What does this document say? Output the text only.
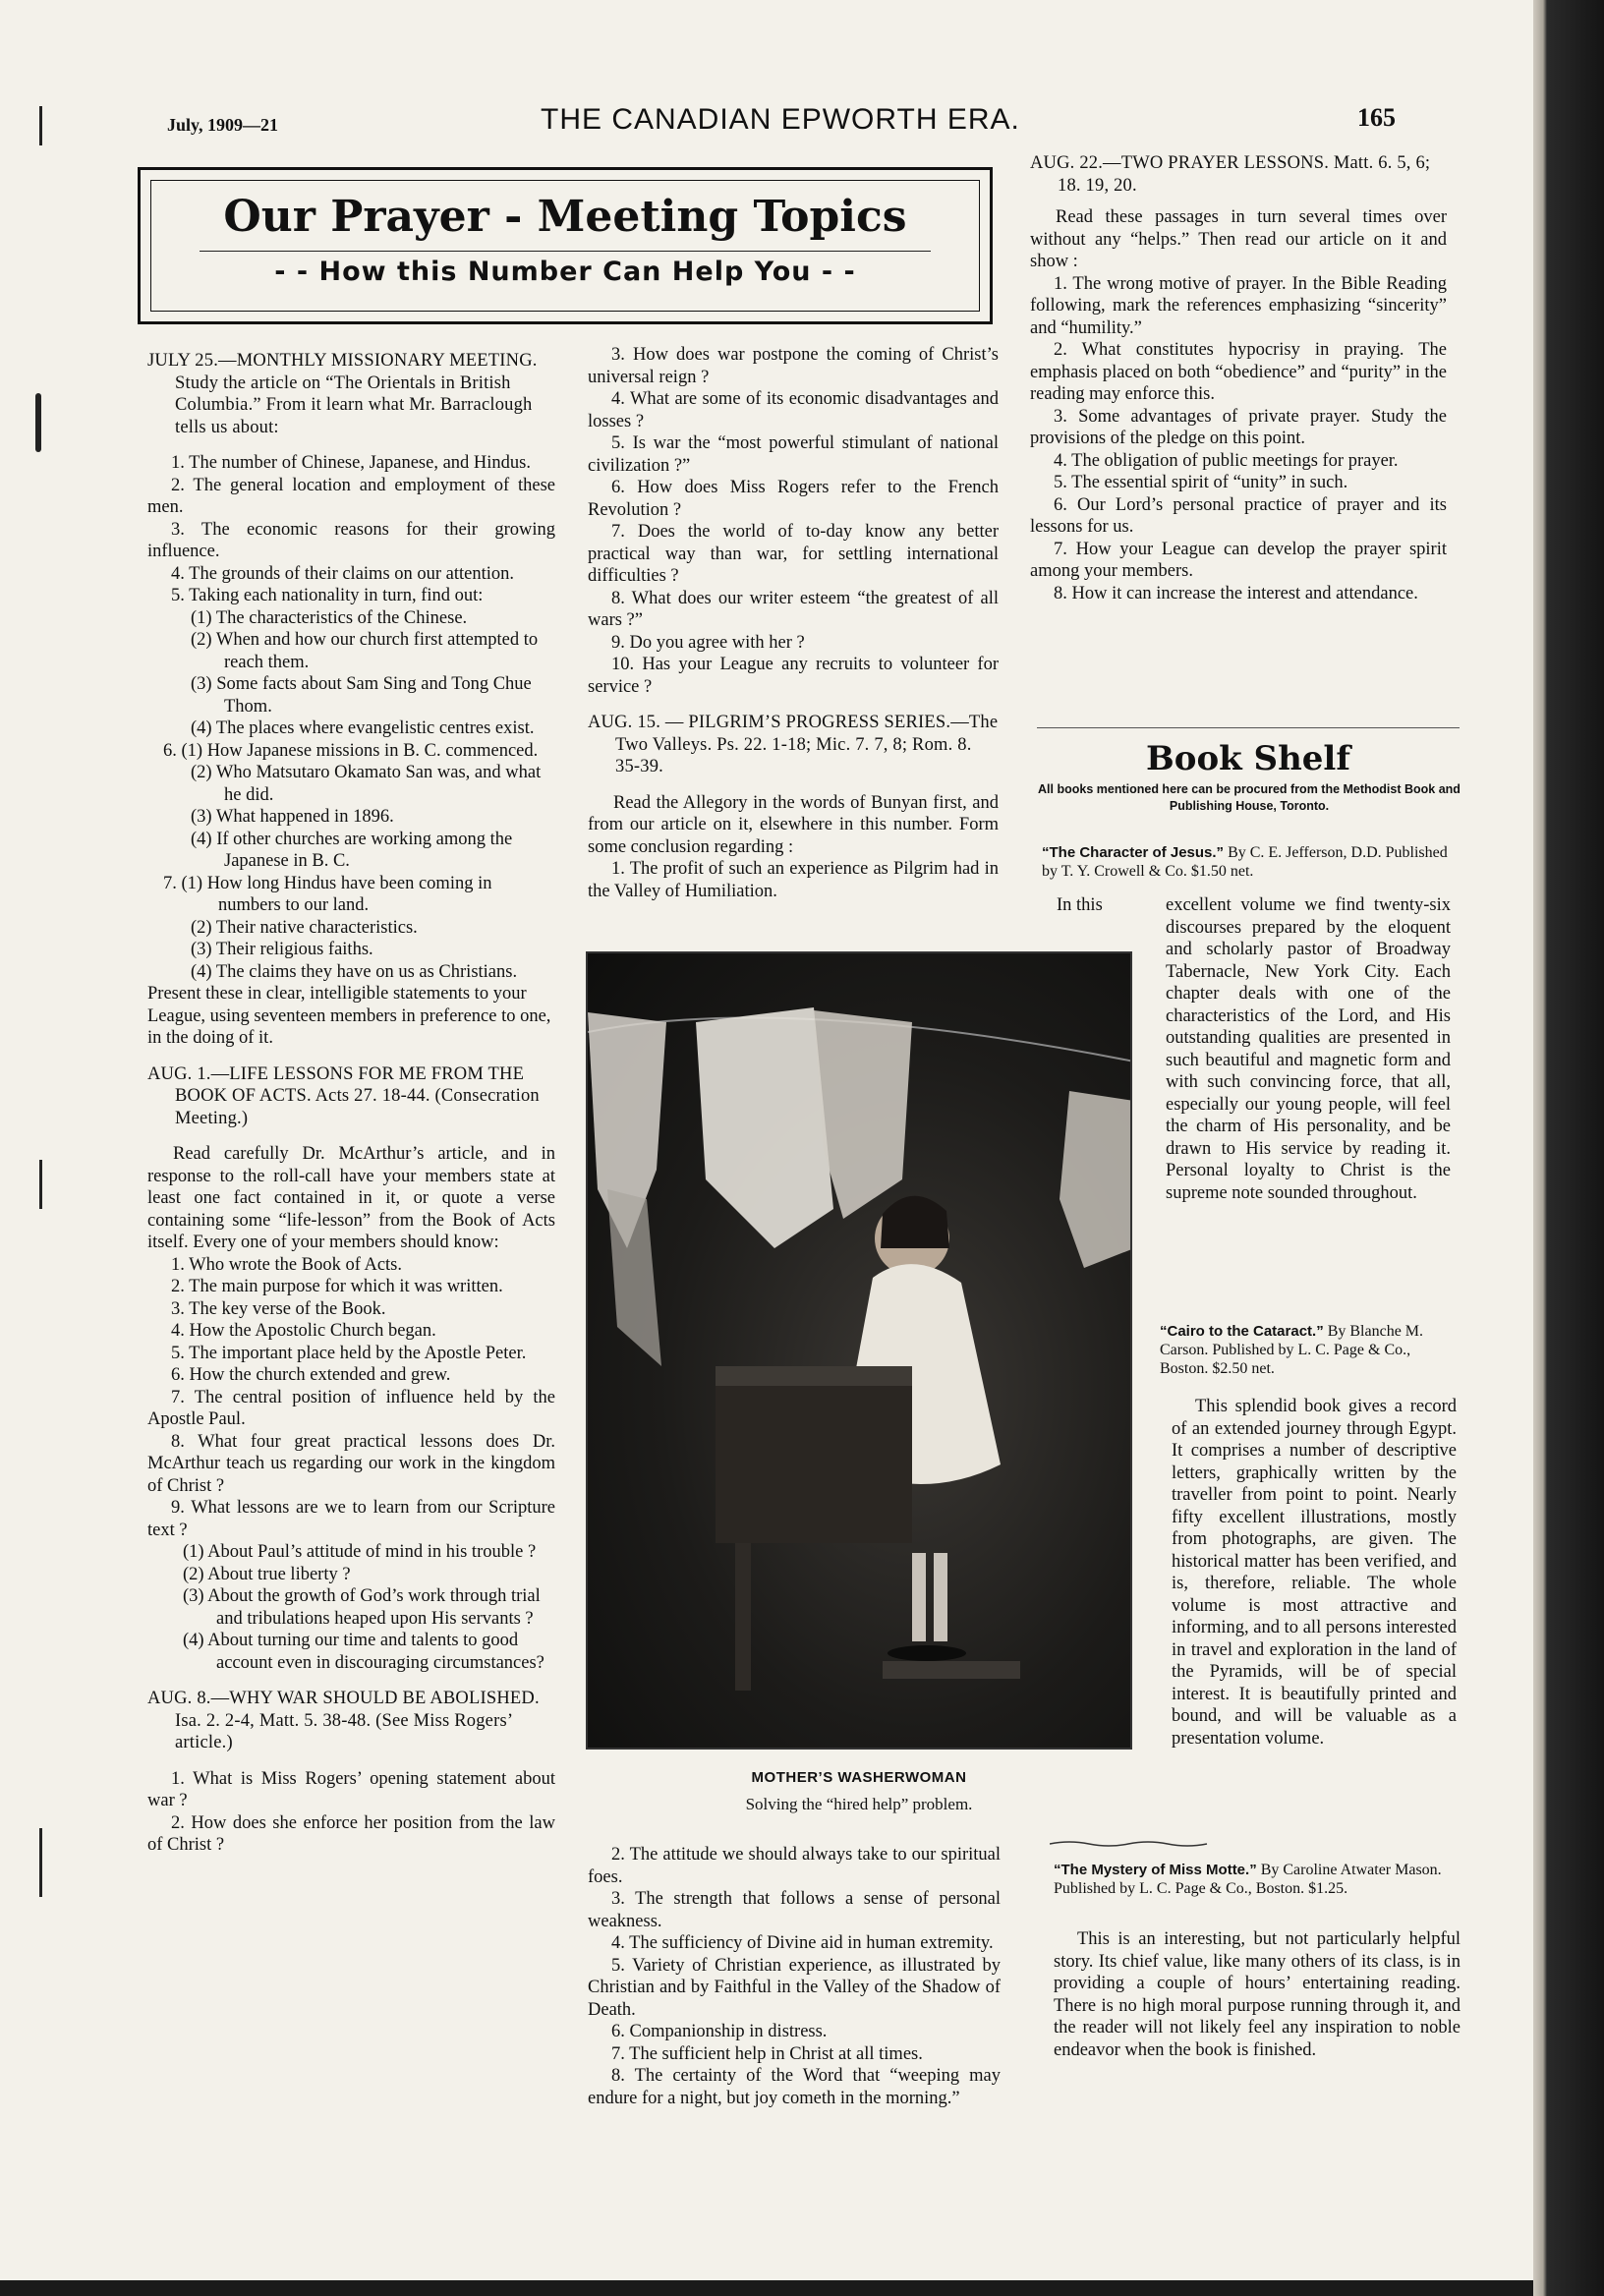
July, 1909—21	THE CANADIAN EPWORTH ERA.	165
Our Prayer - Meeting Topics
- - How this Number Can Help You - -

JULY 25.—MONTHLY MISSIONARY MEETING. Study the article on “The Orientals in British Columbia.” From it learn what Mr. Barraclough tells us about:

1. The number of Chinese, Japanese, and Hindus.

2. The general location and employment of these men.

3. The economic reasons for their growing influence.

4. The grounds of their claims on our attention.

5. Taking each nationality in turn, find out:

(1) The characteristics of the Chinese.

(2) When and how our church first attempted to reach them.

(3) Some facts about Sam Sing and Tong Chue Thom.

(4) The places where evangelistic centres exist.

6. (1) How Japanese missions in B. C. commenced.

(2) Who Matsutaro Okamato San was, and what he did.

(3) What happened in 1896.

(4) If other churches are working among the Japanese in B. C.

7. (1) How long Hindus have been coming in numbers to our land.

(2) Their native characteristics.

(3) Their religious faiths.

(4) The claims they have on us as Christians.

Present these in clear, intelligible statements to your League, using seventeen members in preference to one, in the doing of it.

AUG. 1.—LIFE LESSONS FOR ME FROM THE BOOK OF ACTS. Acts 27. 18-44. (Consecration Meeting.)

Read carefully Dr. McArthur’s article, and in response to the roll-call have your members state at least one fact contained in it, or quote a verse containing some “life-lesson” from the Book of Acts itself. Every one of your members should know:

1. Who wrote the Book of Acts.

2. The main purpose for which it was written.

3. The key verse of the Book.

4. How the Apostolic Church began.

5. The important place held by the Apostle Peter.

6. How the church extended and grew.

7. The central position of influence held by the Apostle Paul.

8. What four great practical lessons does Dr. McArthur teach us regarding our work in the kingdom of Christ ?

9. What lessons are we to learn from our Scripture text ?

(1) About Paul’s attitude of mind in his trouble ?

(2) About true liberty ?

(3) About the growth of God’s work through trial and tribulations heaped upon His servants ?

(4) About turning our time and talents to good account even in discouraging circumstances?

AUG. 8.—WHY WAR SHOULD BE ABOLISHED. Isa. 2. 2-4, Matt. 5. 38-48. (See Miss Rogers’ article.)

1. What is Miss Rogers’ opening statement about war ?

2. How does she enforce her position from the law of Christ ?

3. How does war postpone the coming of Christ’s universal reign ?

4. What are some of its economic disadvantages and losses ?

5. Is war the “most powerful stimulant of national civilization ?”

6. How does Miss Rogers refer to the French Revolution ?

7. Does the world of to-day know any better practical way than war, for settling international difficulties ?

8. What does our writer esteem “the greatest of all wars ?”

9. Do you agree with her ?

10. Has your League any recruits to volunteer for service ?

AUG. 15. — PILGRIM’S PROGRESS SERIES.—The Two Valleys. Ps. 22. 1-18; Mic. 7. 7, 8; Rom. 8. 35-39.

Read the Allegory in the words of Bunyan first, and from our article on it, elsewhere in this number. Form some conclusion regarding :

1. The profit of such an experience as Pilgrim had in the Valley of Humiliation.

MOTHER’S WASHERWOMAN
Solving the “hired help” problem.

2. The attitude we should always take to our spiritual foes.

3. The strength that follows a sense of personal weakness.

4. The sufficiency of Divine aid in human extremity.

5. Variety of Christian experience, as illustrated by Christian and by Faithful in the Valley of the Shadow of Death.

6. Companionship in distress.

7. The sufficient help in Christ at all times.

8. The certainty of the Word that “weeping may endure for a night, but joy cometh in the morning.”

AUG. 22.—TWO PRAYER LESSONS. Matt. 6. 5, 6; 18. 19, 20.

Read these passages in turn several times over without any “helps.” Then read our article on it and show :

1. The wrong motive of prayer. In the Bible Reading following, mark the references emphasizing “sincerity” and “humility.”

2. What constitutes hypocrisy in praying. The emphasis placed on both “obedience” and “purity” in the reading may enforce this.

3. Some advantages of private prayer. Study the provisions of the pledge on this point.

4. The obligation of public meetings for prayer.

5. The essential spirit of “unity” in such.

6. Our Lord’s personal practice of prayer and its lessons for us.

7. How your League can develop the prayer spirit among your members.

8. How it can increase the interest and attendance.

Book Shelf
All books mentioned here can be procured from the Methodist Book and Publishing House, Toronto.
“The Character of Jesus.” By C. E. Jefferson, D.D. Published by T. Y. Crowell & Co. $1.50 net.
In this	excellent volume we find twenty-six discourses prepared by the eloquent and scholarly pastor of Broadway Tabernacle, New York City. Each chapter deals with one of the characteristics of the Lord, and His outstanding qualities are presented in such beautiful and magnetic form and with such convincing force, that all, especially our young people, will feel the charm of His personality, and be drawn to His service by reading it. Personal loyalty to Christ is the supreme note sounded throughout.
“Cairo to the Cataract.” By Blanche M. Carson. Published by L. C. Page & Co., Boston. $2.50 net.
This splendid book gives a record of an extended journey through Egypt. It comprises a number of descriptive letters, graphically written by the traveller from point to point. Nearly fifty excellent illustrations, mostly from photographs, are given. The historical matter has been verified, and is, therefore, reliable. The whole volume is most attractive and informing, and to all persons interested in travel and exploration in the land of the Pyramids, will be of special interest. It is beautifully printed and bound, and will be valuable as a presentation volume.
“The Mystery of Miss Motte.” By Caroline Atwater Mason. Published by L. C. Page & Co., Boston. $1.25.
This is an interesting, but not particularly helpful story. Its chief value, like many others of its class, is in providing a couple of hours’ entertaining reading. There is no high moral purpose running through it, and the reader will not likely feel any inspiration to noble endeavor when the book is finished.
